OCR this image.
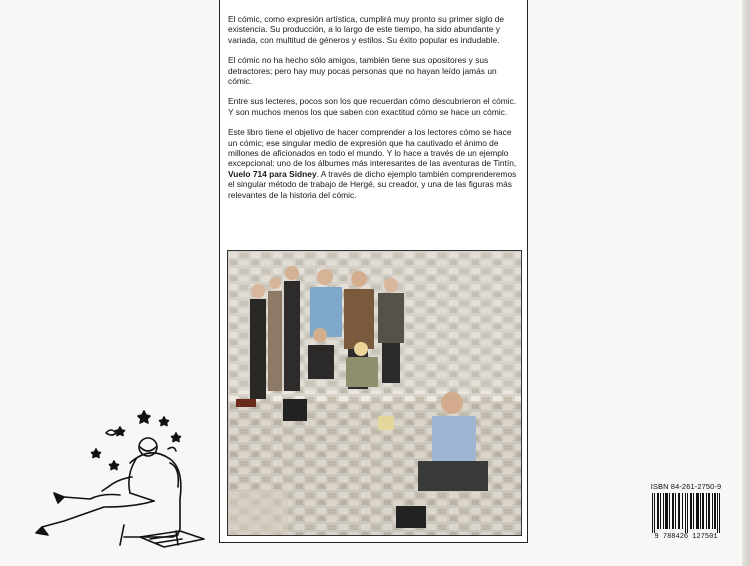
El cómic, como expresión artística, cumplirá muy pronto su primer siglo de existencia. Su producción, a lo largo de este tiempo, ha sido abundante y variada, con multitud de géneros y estilos. Su éxito popular es indudable.

El cómic no ha hecho sólo amigos, también tiene sus opositores y sus detractores; pero hay muy pocas personas que no hayan leído jamás un cómic.

Entre sus lecteres, pocos son los que recuerdan cómo descubrieron el cómic. Y son muchos menos los que saben con exactitud cómo se hace un cómic.

Este libro tiene el objetivo de hacer comprender a los lectores cómo se hace un cómic; ese singular medio de expresión que ha cautivado el ánimo de millones de aficionados en todo el mundo. Y lo hace a través de un ejemplo excepcional: uno de los álbumes más interesantes de las aventuras de Tintín, Vuelo 714 para Sidney. A través de dicho ejemplo también comprenderemos el singular método de trabajo de Hergé, su creador, y una de las figuras más relevantes de la historia del cómic.

ISBN 84-261-2750-9
9 788426 127501
